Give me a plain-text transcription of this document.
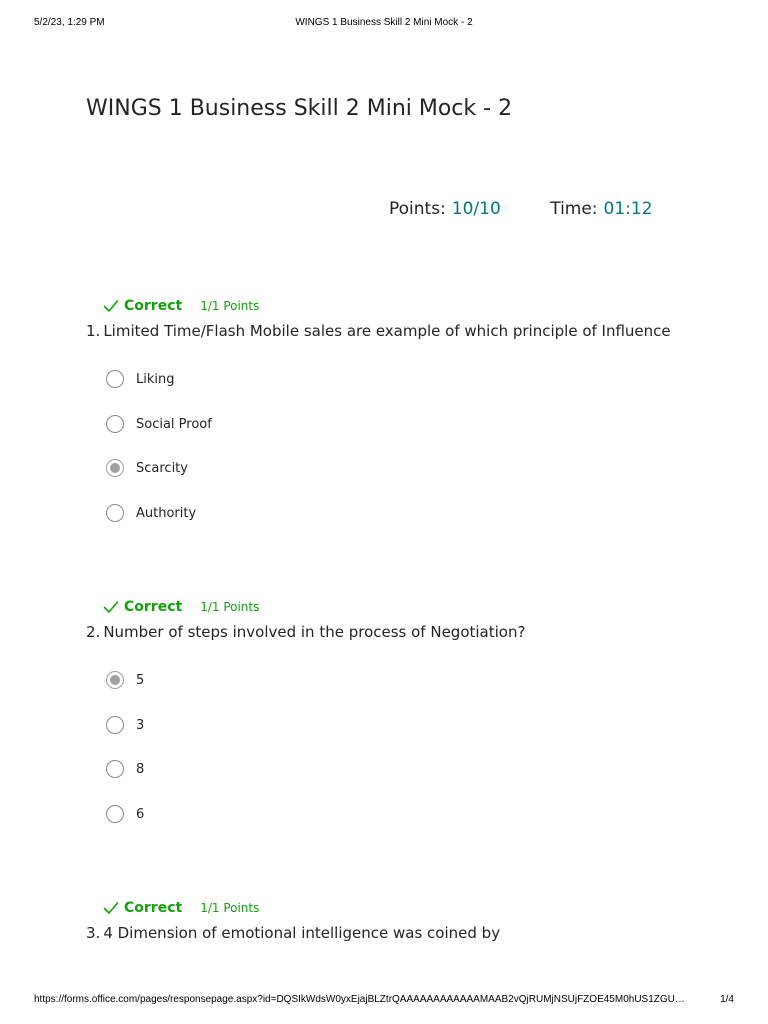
5/2/23, 1:29 PM	WINGS 1 Business Skill 2 Mini Mock - 2
WINGS 1 Business Skill 2 Mini Mock - 2
Points: 10/10	Time: 01:12
Correct 1/1 Points
1. Limited Time/Flash Mobile sales are example of which principle of Influence
Liking
Social Proof
Scarcity
Authority
Correct 1/1 Points
2. Number of steps involved in the process of Negotiation?
5
3
8
6
Correct 1/1 Points
3. 4 Dimension of emotional intelligence was coined by
https://forms.office.com/pages/responsepage.aspx?id=DQSIkWdsW0yxEjajBLZtrQAAAAAAAAAAAAMAAB2vQjRUMjNSUjFZOE45M0hUS1ZGU…	1/4
